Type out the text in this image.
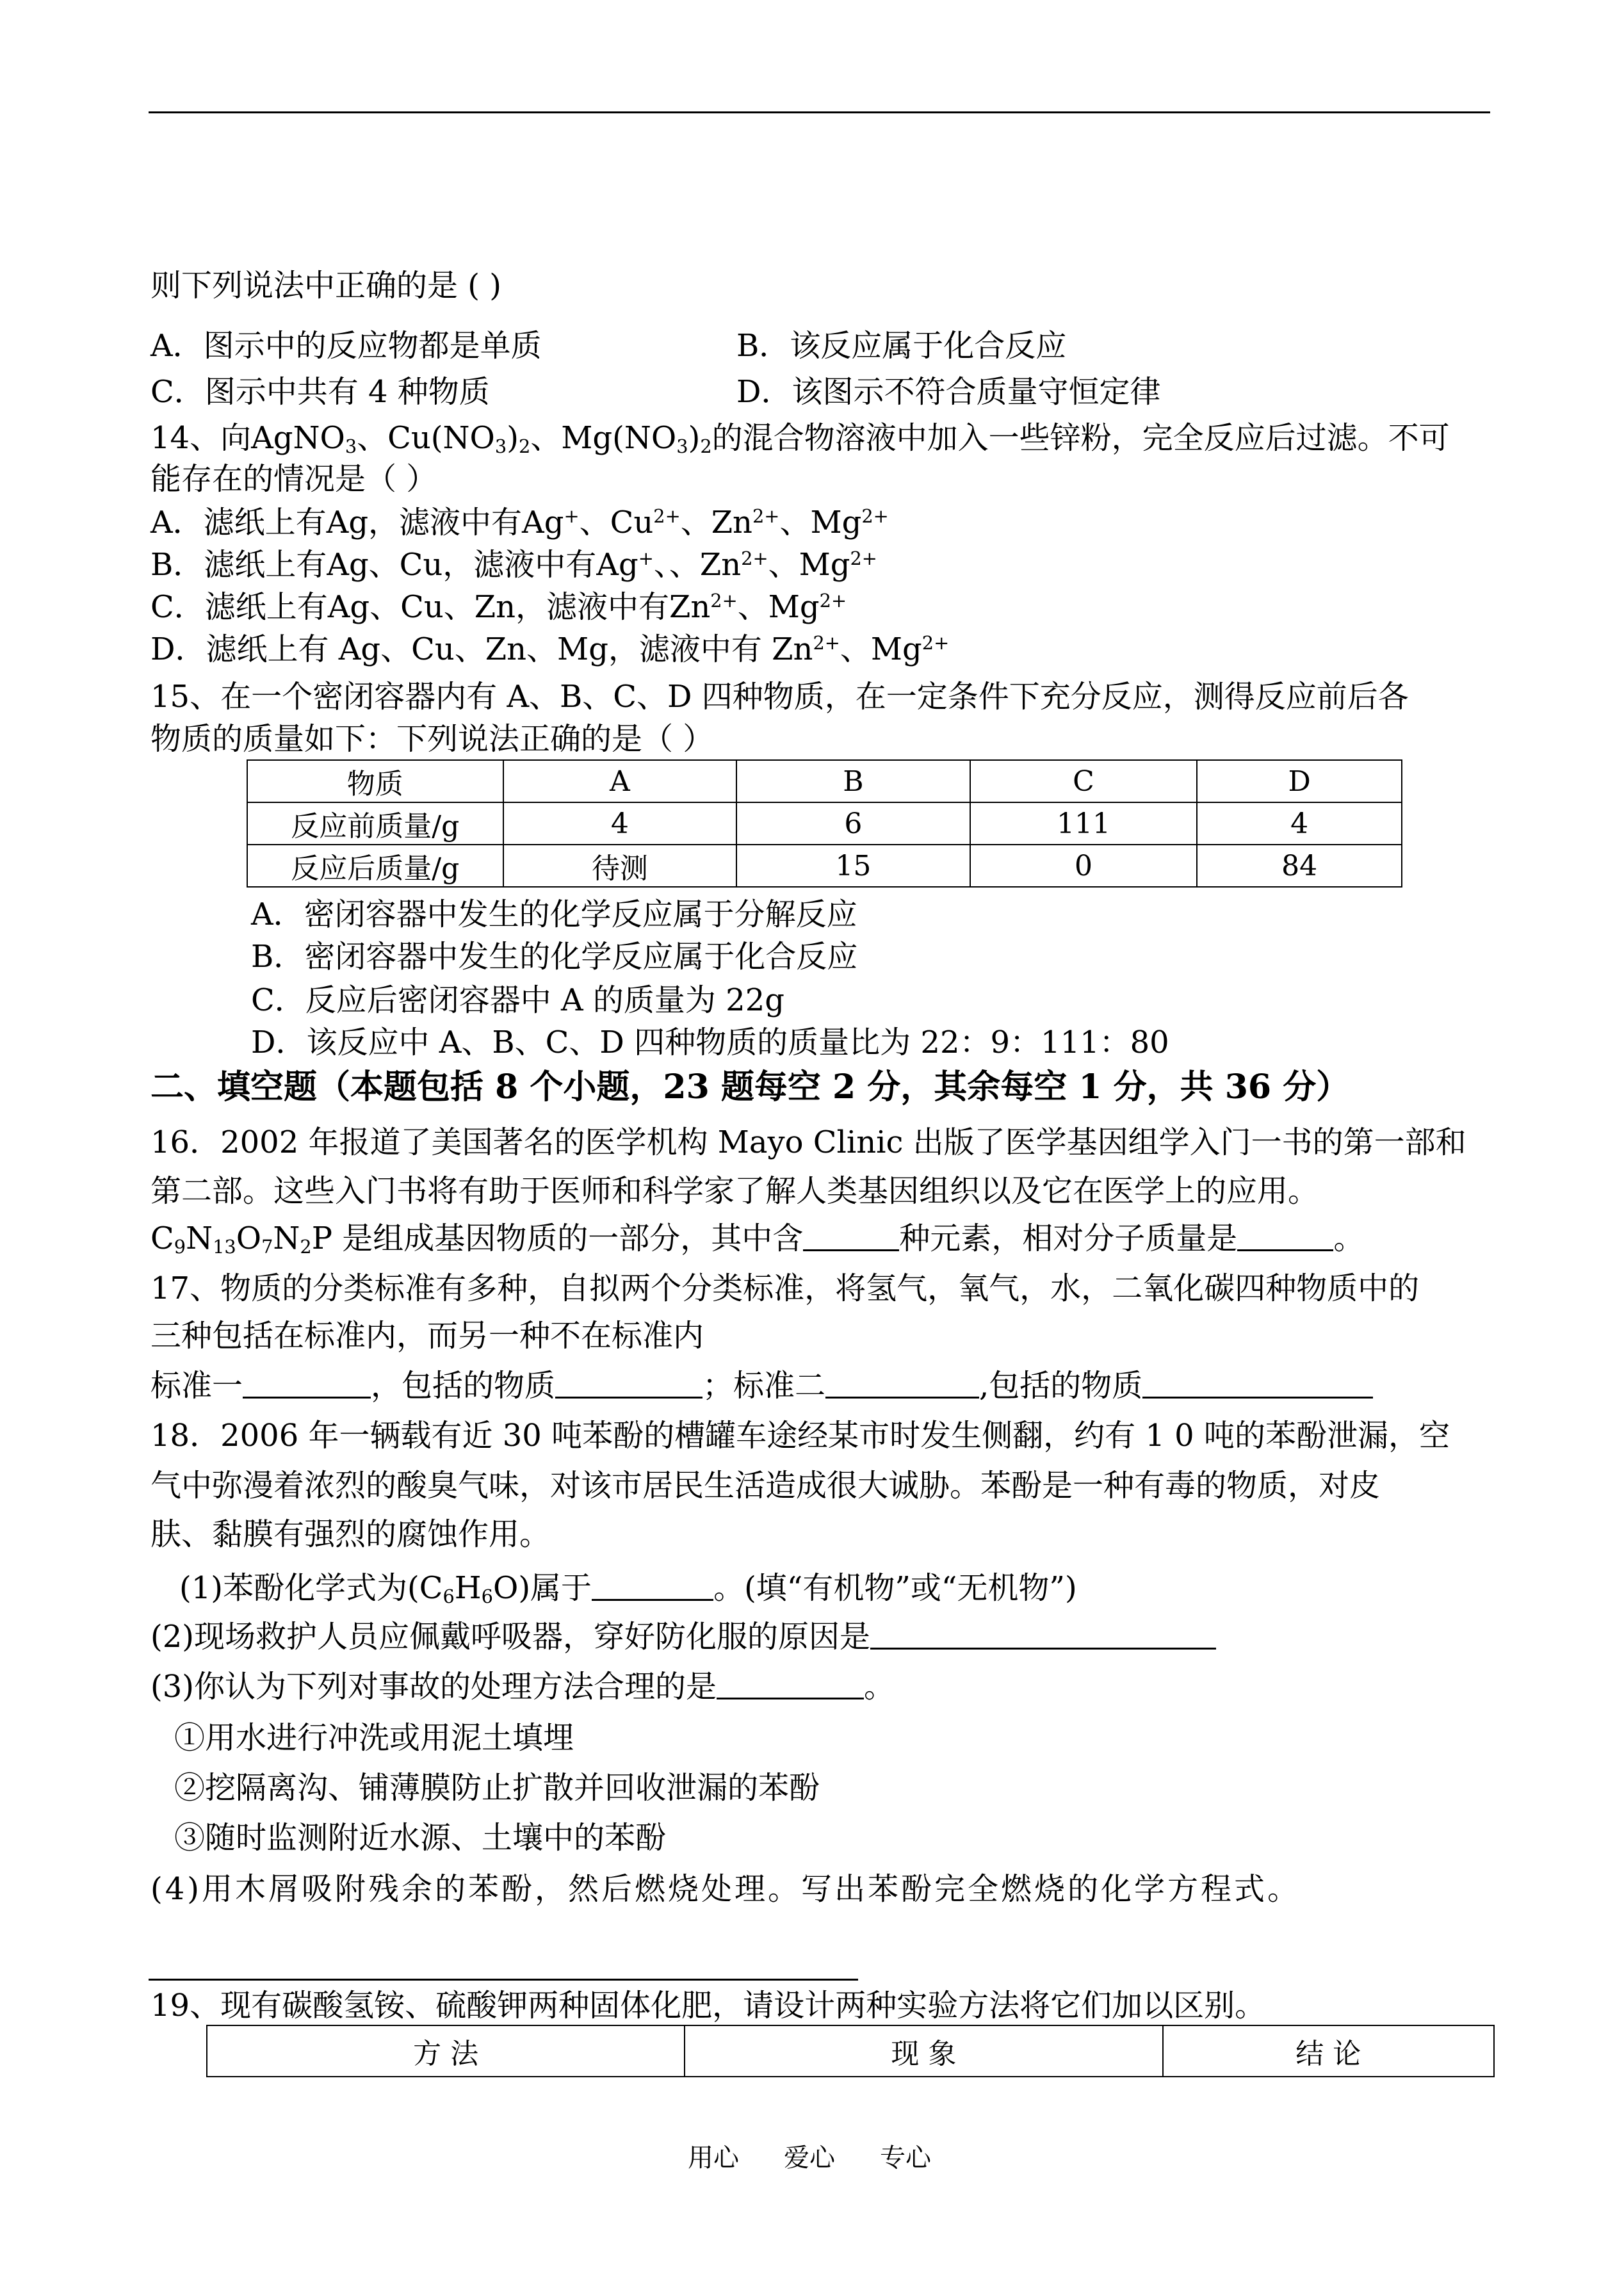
则下列说法中正确的是 ( )
A．图示中的反应物都是单质	B．该反应属于化合反应
C．图示中共有 4 种物质	D．该图示不符合质量守恒定律
14、向AgNO$_3$、$Cu(NO_3)_2$、$Mg(NO_3)_2$的混合物溶液中加入一些锌粉，完全反应后过滤。不可
能存在的情况是（ ）
A．滤纸上有Ag，滤液中有Ag+、$Cu^{2+}$、$Zn^{2+}$、$Mg^{2+}$
B．滤纸上有Ag、Cu，滤液中有Ag+、、$Zn^{2+}$、$Mg^{2+}$
C．滤纸上有Ag、Cu、Zn，滤液中有$Zn^{2+}$、$Mg^{2+}$
D．滤纸上有 Ag、Cu、Zn、Mg，滤液中有 $Zn^{2+}$、$Mg^{2+}$
15、在一个密闭容器内有 A、B、C、D 四种物质，在一定条件下充分反应，测得反应前后各
物质的质量如下：下列说法正确的是（ ）
物质	A	B	C	D
反应前质量/g	4	6	111	4
反应后质量/g	待测	15	0	84
A．密闭容器中发生的化学反应属于分解反应
B．密闭容器中发生的化学反应属于化合反应
C．反应后密闭容器中 A 的质量为 22g
D．该反应中 A、B、C、D 四种物质的质量比为 22：9：111：80
二、填空题（本题包括 8 个小题，23 题每空 2 分，其余每空 1 分，共 36 分）
16．2002 年报道了美国著名的医学机构 Mayo Clinic 出版了医学基因组学入门一书的第一部和
第二部。这些入门书将有助于医师和科学家了解人类基因组织以及它在医学上的应用。
$C_9N_{13}O_7N_2P$ 是组成基因物质的一部分，其中含	种元素，相对分子质量是	。
17、物质的分类标准有多种，自拟两个分类标准，将氢气，氧气，水，二氧化碳四种物质中的
三种包括在标准内，而另一种不在标准内
标准一	，包括的物质	；标准二	,包括的物质
18．2006 年一辆载有近 30 吨苯酚的槽罐车途经某市时发生侧翻，约有 1 0 吨的苯酚泄漏，空
气中弥漫着浓烈的酸臭气味，对该市居民生活造成很大诚胁。苯酚是一种有毒的物质，对皮
肤、黏膜有强烈的腐蚀作用。
(1)苯酚化学式为$(C_6H_6O)$属于	。(填“有机物”或“无机物”)
(2)现场救护人员应佩戴呼吸器，穿好防化服的原因是
(3)你认为下列对事故的处理方法合理的是	。
①用水进行冲洗或用泥土填埋
②挖隔离沟、铺薄膜防止扩散并回收泄漏的苯酚
③随时监测附近水源、土壤中的苯酚
(4)用木屑吸附残余的苯酚，然后燃烧处理。写出苯酚完全燃烧的化学方程式。
19、现有碳酸氢铵、硫酸钾两种固体化肥，请设计两种实验方法将它们加以区别。
方 法	现 象	结 论
用心 爱心 专心
